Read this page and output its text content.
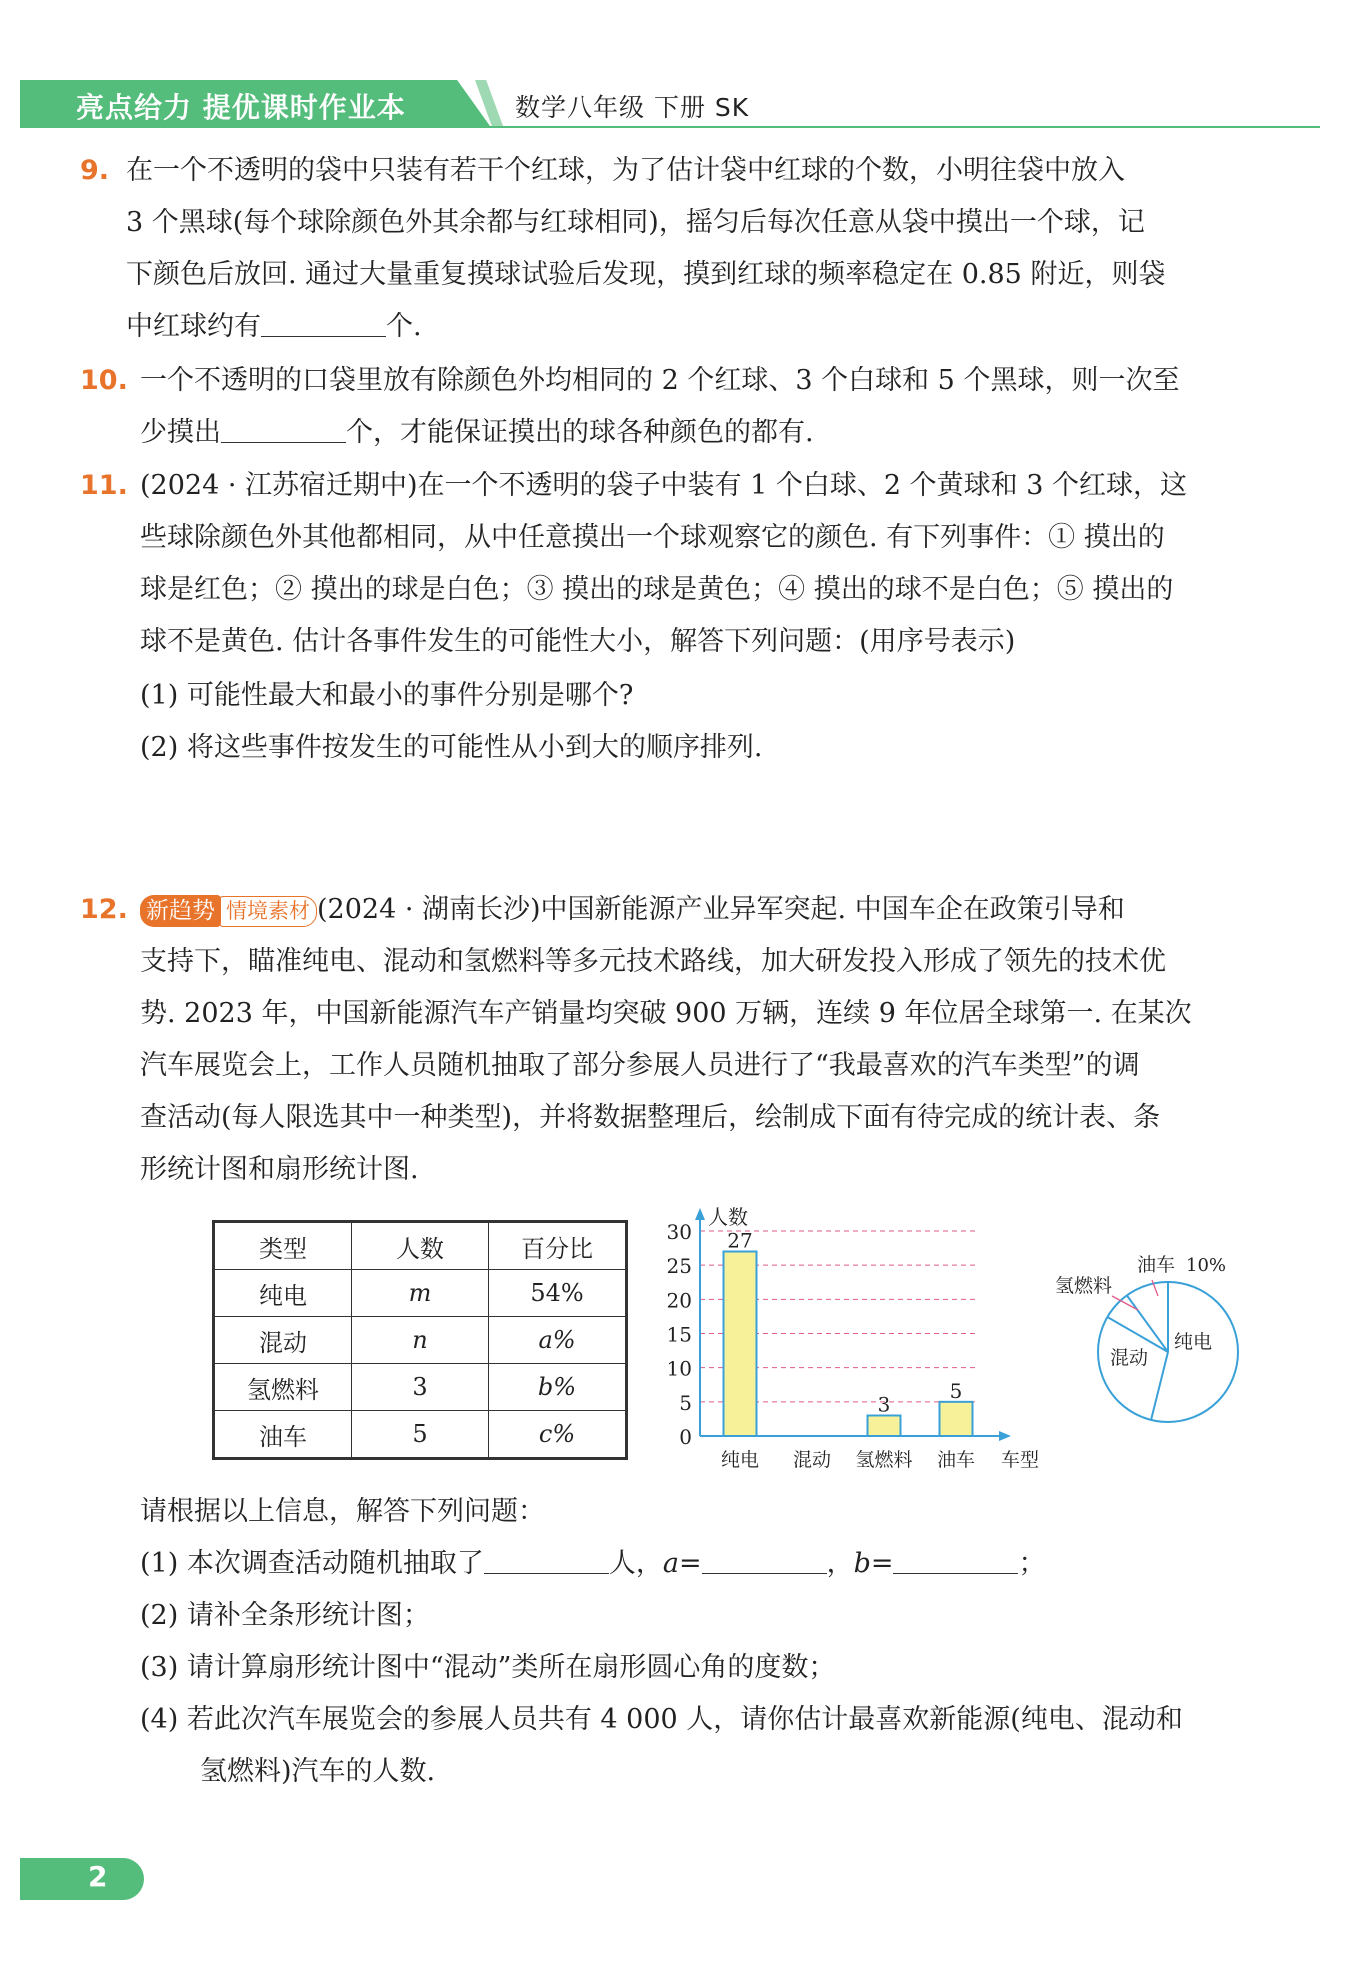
亮点给力 提优课时作业本	数学八年级 下册 SK
9. 在一个不透明的袋中只装有若干个红球，为了估计袋中红球的个数，小明往袋中放入
3 个黑球(每个球除颜色外其余都与红球相同)，摇匀后每次任意从袋中摸出一个球，记
下颜色后放回. 通过大量重复摸球试验后发现，摸到红球的频率稳定在 0.85 附近，则袋
中红球约有	个.
10. 一个不透明的口袋里放有除颜色外均相同的 2 个红球、3 个白球和 5 个黑球，则一次至
少摸出	个，才能保证摸出的球各种颜色的都有.
11. (2024 · 江苏宿迁期中)在一个不透明的袋子中装有 1 个白球、2 个黄球和 3 个红球，这
些球除颜色外其他都相同，从中任意摸出一个球观察它的颜色. 有下列事件：① 摸出的
球是红色；② 摸出的球是白色；③ 摸出的球是黄色；④ 摸出的球不是白色；⑤ 摸出的
球不是黄色. 估计各事件发生的可能性大小，解答下列问题：(用序号表示)
(1) 可能性最大和最小的事件分别是哪个?
(2) 将这些事件按发生的可能性从小到大的顺序排列.
12. 新趋势 情境素材 (2024 · 湖南长沙)中国新能源产业异军突起. 中国车企在政策引导和
支持下，瞄准纯电、混动和氢燃料等多元技术路线，加大研发投入形成了领先的技术优
势. 2023 年，中国新能源汽车产销量均突破 900 万辆，连续 9 年位居全球第一. 在某次
汽车展览会上，工作人员随机抽取了部分参展人员进行了“我最喜欢的汽车类型”的调
查活动(每人限选其中一种类型)，并将数据整理后，绘制成下面有待完成的统计表、条
形统计图和扇形统计图.
类型	人数	百分比
纯电	m	54%
混动	n	a%
氢燃料	3	b%
油车	5	c%	0
5
10
15
20
25
30
人数
27
纯电 混动
3
氢燃料
5
油车 车型
油车 10%
氢燃料
纯电
混动
请根据以上信息，解答下列问题：
(1) 本次调查活动随机抽取了	人，a=	，b=	；
(2) 请补全条形统计图；
(3) 请计算扇形统计图中“混动”类所在扇形圆心角的度数；
(4) 若此次汽车展览会的参展人员共有 4 000 人，请你估计最喜欢新能源(纯电、混动和
氢燃料)汽车的人数.
2
